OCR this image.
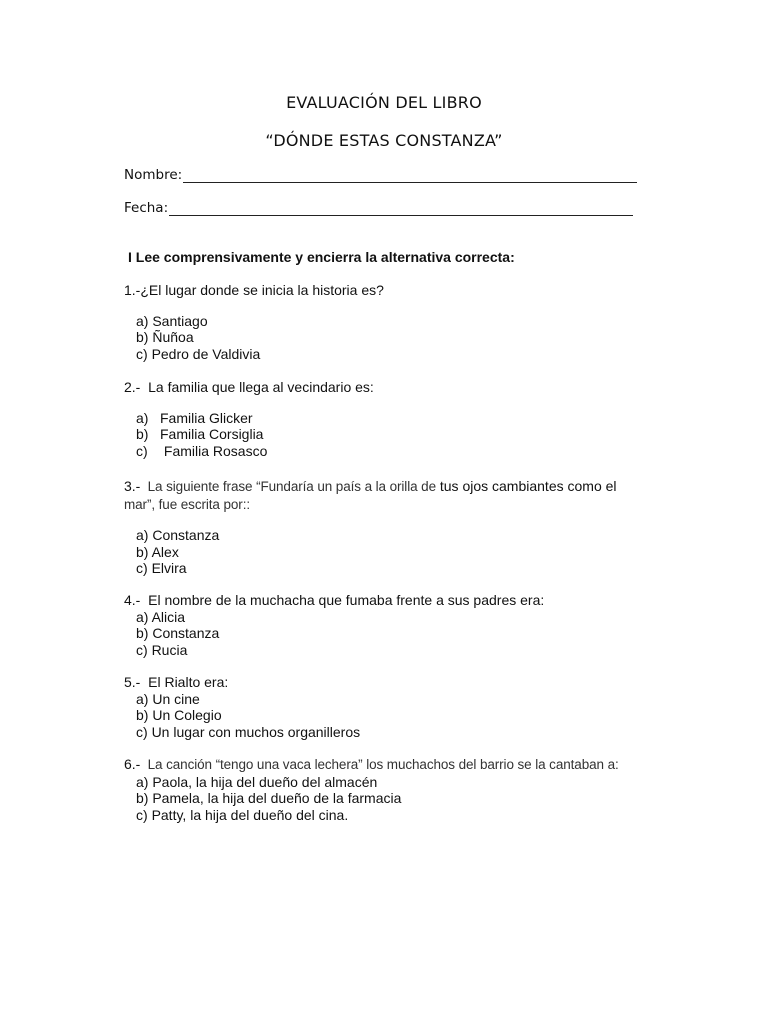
EVALUACIÓN DEL LIBRO
“DÓNDE ESTAS CONSTANZA”
Nombre:
Fecha:
I Lee comprensivamente y encierra la alternativa correcta:
1.-¿El lugar donde se inicia la historia es?
a) Santiago
b) Ñuñoa
c) Pedro de Valdivia
2.-  La familia que llega al vecindario es:
a) Familia Glicker
b) Familia Corsiglia
c) Familia Rosasco
3.-  La siguiente frase “Fundaría un país a la orilla de tus ojos cambiantes como el
mar”, fue escrita por::
a) Constanza
b) Alex
c) Elvira
4.-  El nombre de la muchacha que fumaba frente a sus padres era:
a) Alicia
b) Constanza
c) Rucia
5.-  El Rialto era:
a) Un cine
b) Un Colegio
c) Un lugar con muchos organilleros
6.-  La canción “tengo una vaca lechera” los muchachos del barrio se la cantaban a:
a) Paola, la hija del dueño del almacén
b) Pamela, la hija del dueño de la farmacia
c) Patty, la hija del dueño del cina.
